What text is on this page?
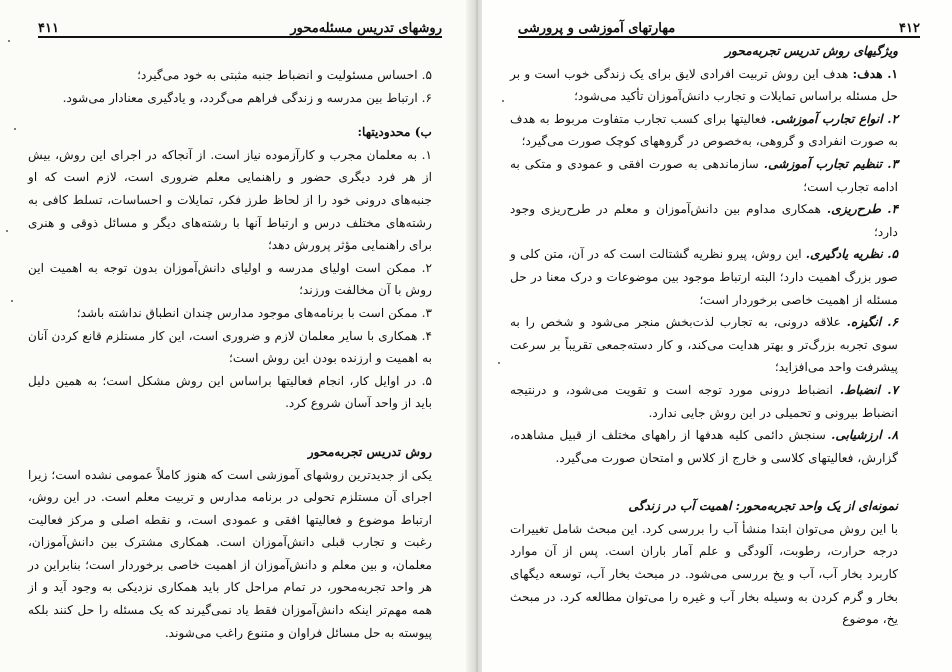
روشهای تدریس مسئله‌محور
۴۱۱

۵. احساس مسئولیت و انضباط جنبه مثبتی به خود می‌گیرد؛

۶. ارتباط بین مدرسه و زندگی فراهم می‌گردد، و یادگیری معنادار می‌شود.

ب) محدودیتها:

۱. به معلمان مجرب و کارآزموده نیاز است. از آنجاکه در اجرای این روش، بیش از هر فرد دیگری حضور و راهنمایی معلم ضروری است، لازم است که او جنبه‌های درونی خود را از لحاظ طرز فکر، تمایلات و احساسات، تسلط کافی به رشته‌های مختلف درس و ارتباط آنها با رشته‌های دیگر و مسائل ذوقی و هنری برای راهنمایی مؤثر پرورش دهد؛

۲. ممکن است اولیای مدرسه و اولیای دانش‌آموزان بدون توجه به اهمیت این روش با آن مخالفت ورزند؛

۳. ممکن است با برنامه‌های موجود مدارس چندان انطباق نداشته باشد؛

۴. همکاری با سایر معلمان لازم و ضروری است، این کار مستلزم قانع کردن آنان به اهمیت و ارزنده بودن این روش است؛

۵. در اوایل کار، انجام فعالیتها براساس این روش مشکل است؛ به همین دلیل باید از واحد آسان شروع کرد.

روش تدریس تجربه‌محور

یکی از جدیدترین روشهای آموزشی است که هنوز کاملاً عمومی نشده است؛ زیرا اجرای آن مستلزم تحولی در برنامه مدارس و تربیت معلم است. در این روش، ارتباط موضوع و فعالیتها افقی و عمودی است، و نقطه اصلی و مرکز فعالیت رغبت و تجارب قبلی دانش‌آموزان است. همکاری مشترک بین دانش‌آموزان، معلمان، و بین معلم و دانش‌آموزان از اهمیت خاصی برخوردار است؛ بنابراین در هر واحد تجربه‌محور، در تمام مراحل کار باید همکاری نزدیکی به وجود آید و از همه مهم‌تر اینکه دانش‌آموزان فقط یاد نمی‌گیرند که یک مسئله را حل کنند بلکه پیوسته به حل مسائل فراوان و متنوع راغب می‌شوند.

۴۱۲
مهارتهای آموزشی و پرورشی

ویژگیهای روش تدریس تجربه‌محور

۱. هدف: هدف این روش تربیت افرادی لایق برای یک زندگی خوب است و بر حل مسئله براساس تمایلات و تجارب دانش‌آموزان تأکید می‌شود؛

۲. انواع تجارب آموزشی. فعالیتها برای کسب تجارب متفاوت مربوط به هدف به صورت انفرادی و گروهی، به‌خصوص در گروههای کوچک صورت می‌گیرد؛

۳. تنظیم تجارب آموزشی. سازماندهی به صورت افقی و عمودی و متکی به ادامه تجارب است؛

۴. طرح‌ریزی. همکاری مداوم بین دانش‌آموزان و معلم در طرح‌ریزی وجود دارد؛

۵. نظریه یادگیری. این روش، پیرو نظریه گشتالت است که در آن، متن کلی و صور بزرگ اهمیت دارد؛ البته ارتباط موجود بین موضوعات و درک معنا در حل مسئله از اهمیت خاصی برخوردار است؛

۶. انگیزه. علاقه درونی، به تجارب لذت‌بخش منجر می‌شود و شخص را به سوی تجربه بزرگ‌تر و بهتر هدایت می‌کند، و کار دسته‌جمعی تقریباً بر سرعت پیشرفت واحد می‌افزاید؛

۷. انضباط. انضباط درونی مورد توجه است و تقویت می‌شود، و درنتیجه انضباط بیرونی و تحمیلی در این روش جایی ندارد.

۸. ارزشیابی. سنجش دائمی کلیه هدفها از راههای مختلف از قبیل مشاهده، گزارش، فعالیتهای کلاسی و خارج از کلاس و امتحان صورت می‌گیرد.

نمونه‌ای از یک واحد تجربه‌محور: اهمیت آب در زندگی

با این روش می‌توان ابتدا منشأ آب را بررسی کرد. این مبحث شامل تغییرات درجه حرارت، رطوبت، آلودگی و علم آمار باران است. پس از آن موارد کاربرد بخار آب، آب و یخ بررسی می‌شود. در مبحث بخار آب، توسعه دیگهای بخار و گرم کردن به وسیله بخار آب و غیره را می‌توان مطالعه کرد. در مبحث یخ، موضوع
